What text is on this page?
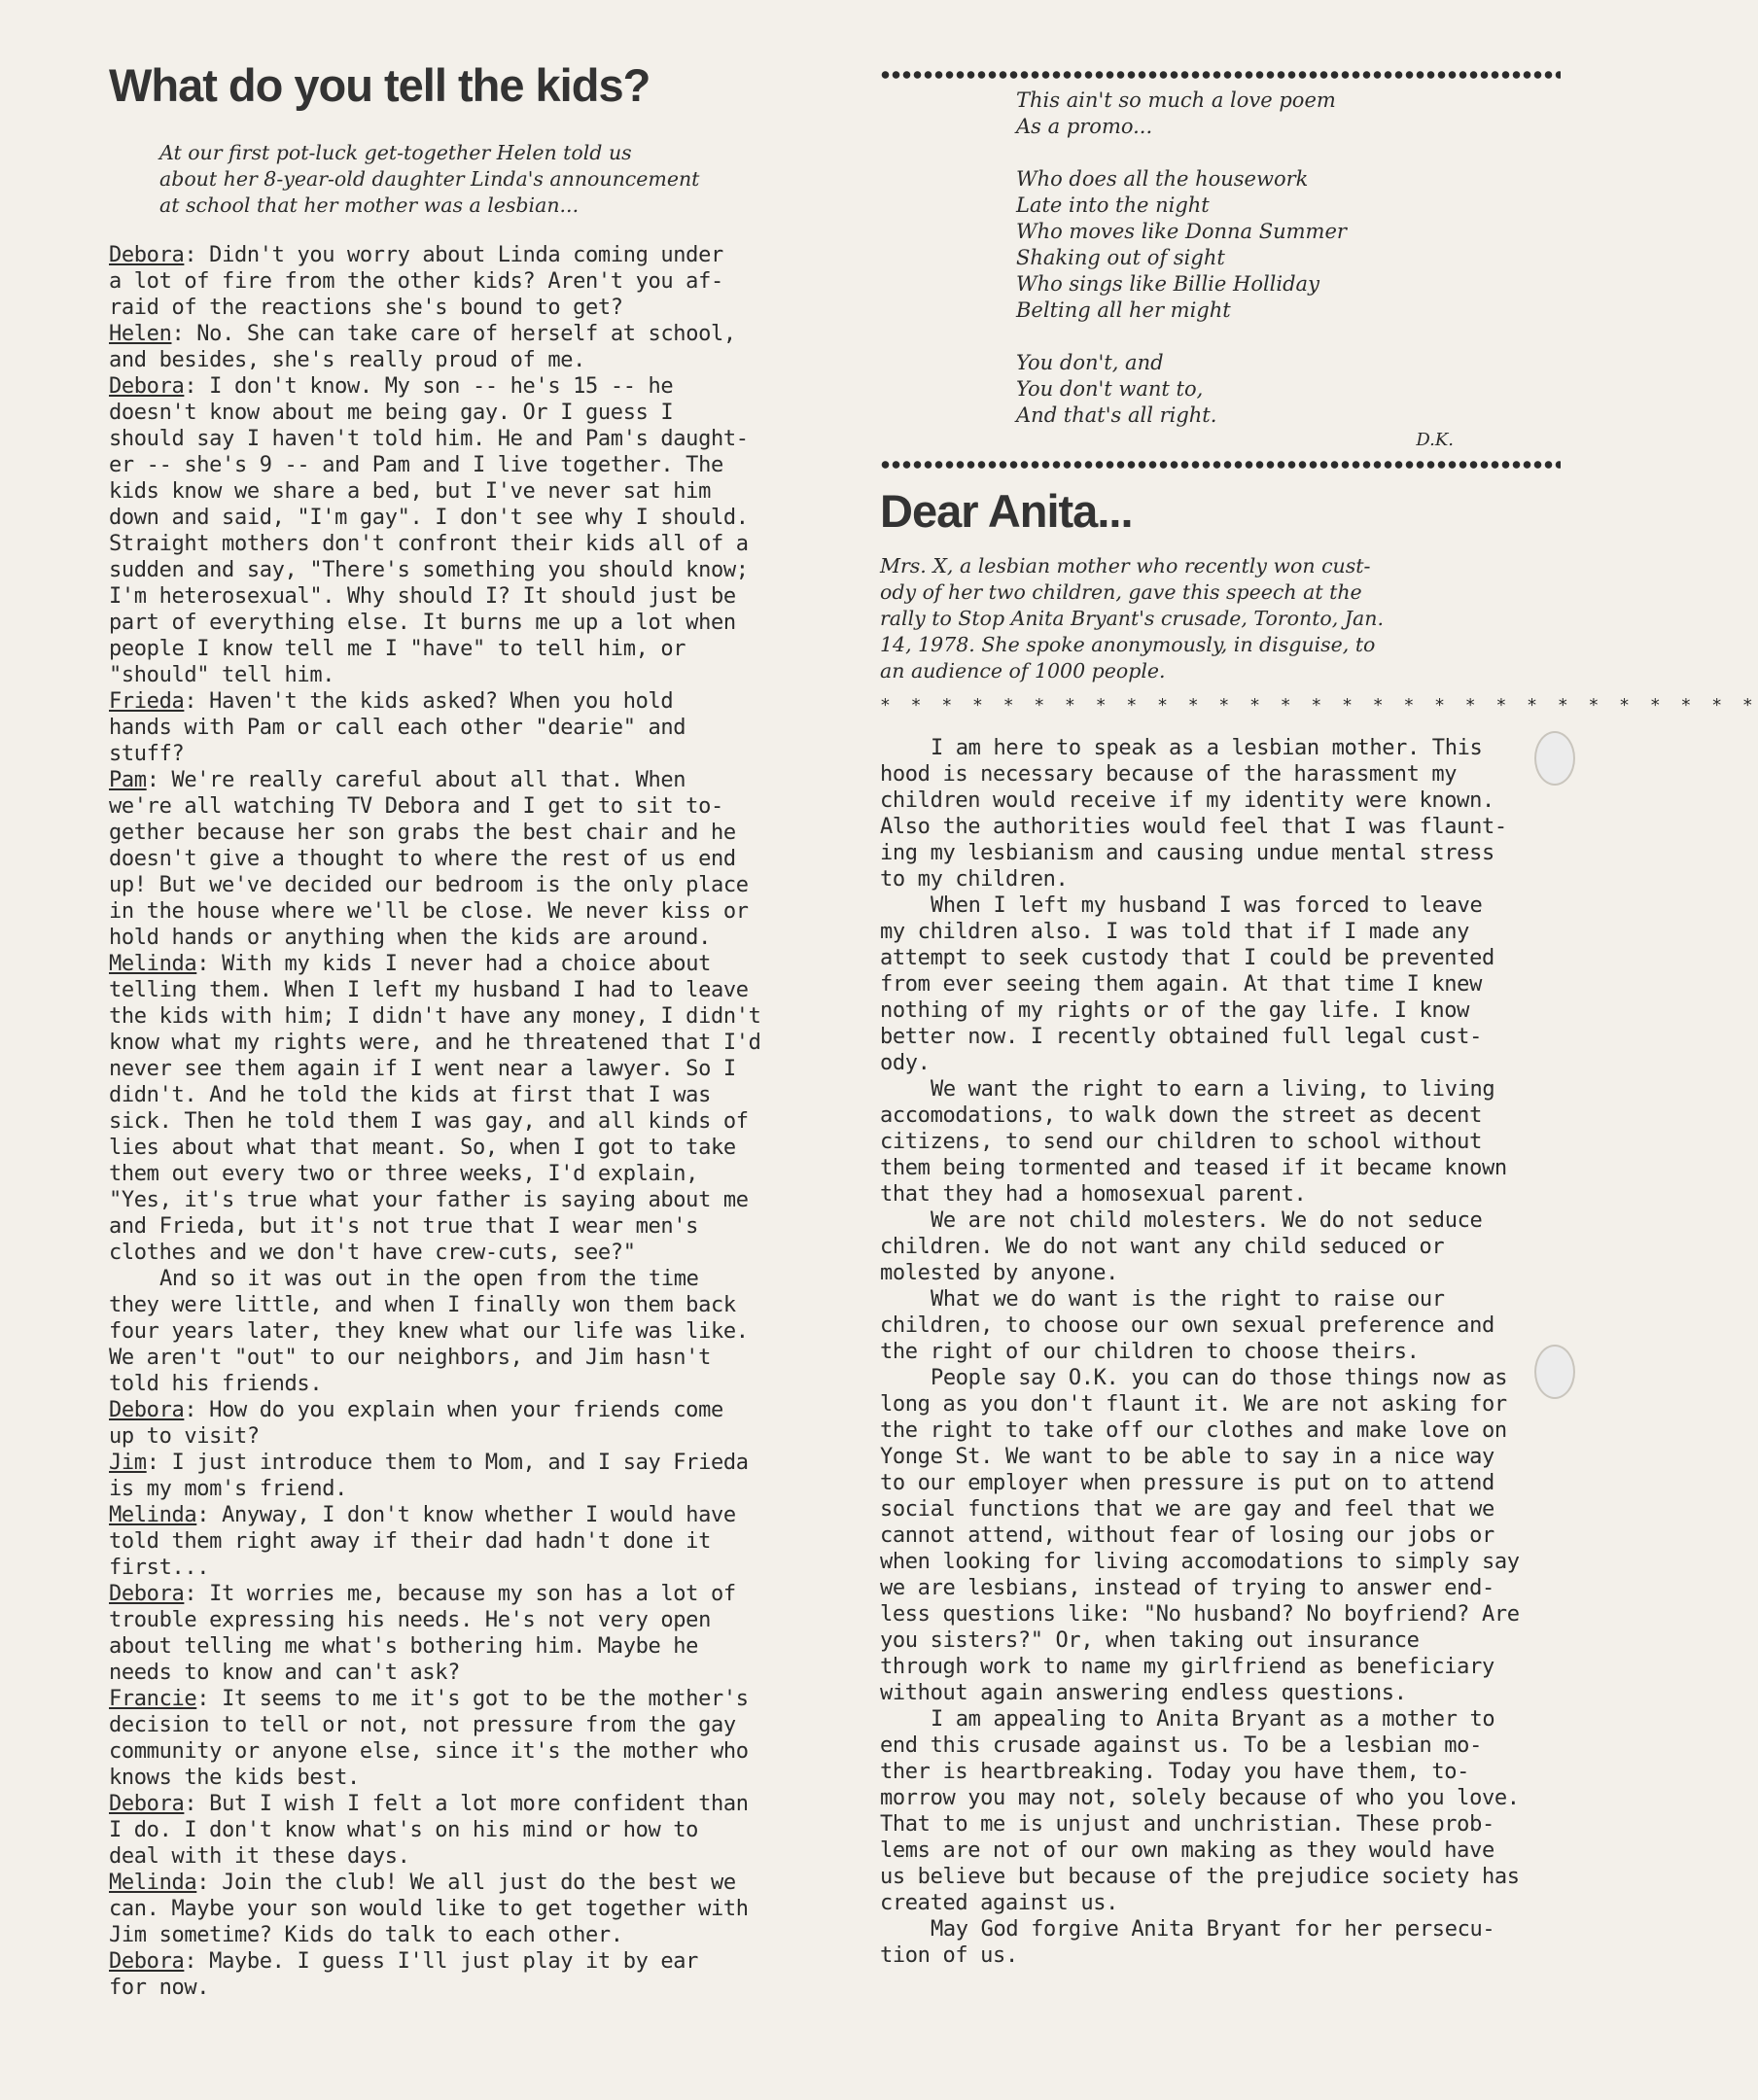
What do you tell the kids?
At our first pot-luck get-together Helen told us
about her 8-year-old daughter Linda's announcement
at school that her mother was a lesbian...
Debora: Didn't you worry about Linda coming under
a lot of fire from the other kids? Aren't you af-
raid of the reactions she's bound to get?
Helen: No. She can take care of herself at school,
and besides, she's really proud of me.
Debora: I don't know. My son -- he's 15 -- he
doesn't know about me being gay. Or I guess I
should say I haven't told him. He and Pam's daught-
er -- she's 9 -- and Pam and I live together. The
kids know we share a bed, but I've never sat him
down and said, "I'm gay". I don't see why I should.
Straight mothers don't confront their kids all of a
sudden and say, "There's something you should know;
I'm heterosexual". Why should I? It should just be
part of everything else. It burns me up a lot when
people I know tell me I "have" to tell him, or
"should" tell him.
Frieda: Haven't the kids asked? When you hold
hands with Pam or call each other "dearie" and
stuff?
Pam: We're really careful about all that. When
we're all watching TV Debora and I get to sit to-
gether because her son grabs the best chair and he
doesn't give a thought to where the rest of us end
up! But we've decided our bedroom is the only place
in the house where we'll be close. We never kiss or
hold hands or anything when the kids are around.
Melinda: With my kids I never had a choice about
telling them. When I left my husband I had to leave
the kids with him; I didn't have any money, I didn't
know what my rights were, and he threatened that I'd
never see them again if I went near a lawyer. So I
didn't. And he told the kids at first that I was
sick. Then he told them I was gay, and all kinds of
lies about what that meant. So, when I got to take
them out every two or three weeks, I'd explain,
"Yes, it's true what your father is saying about me
and Frieda, but it's not true that I wear men's
clothes and we don't have crew-cuts, see?"
And so it was out in the open from the time
they were little, and when I finally won them back
four years later, they knew what our life was like.
We aren't "out" to our neighbors, and Jim hasn't
told his friends.
Debora: How do you explain when your friends come
up to visit?
Jim: I just introduce them to Mom, and I say Frieda
is my mom's friend.
Melinda: Anyway, I don't know whether I would have
told them right away if their dad hadn't done it
first...
Debora: It worries me, because my son has a lot of
trouble expressing his needs. He's not very open
about telling me what's bothering him. Maybe he
needs to know and can't ask?
Francie: It seems to me it's got to be the mother's
decision to tell or not, not pressure from the gay
community or anyone else, since it's the mother who
knows the kids best.
Debora: But I wish I felt a lot more confident than
I do. I don't know what's on his mind or how to
deal with it these days.
Melinda: Join the club! We all just do the best we
can. Maybe your son would like to get together with
Jim sometime? Kids do talk to each other.
Debora: Maybe. I guess I'll just play it by ear
for now.
This ain't so much a love poem
As a promo...
Who does all the housework
Late into the night
Who moves like Donna Summer
Shaking out of sight
Who sings like Billie Holliday
Belting all her might
You don't, and
You don't want to,
And that's all right.
D.K.
Dear Anita...
Mrs. X, a lesbian mother who recently won cust-
ody of her two children, gave this speech at the
rally to Stop Anita Bryant's crusade, Toronto, Jan.
14, 1978. She spoke anonymously, in disguise, to
an audience of 1000 people.
* * * * * * * * * * * * * * * * * * * * * * * * * * * * *

I am here to speak as a lesbian mother. This
hood is necessary because of the harassment my
children would receive if my identity were known.
Also the authorities would feel that I was flaunt-
ing my lesbianism and causing undue mental stress
to my children.

When I left my husband I was forced to leave
my children also. I was told that if I made any
attempt to seek custody that I could be prevented
from ever seeing them again. At that time I knew
nothing of my rights or of the gay life. I know
better now. I recently obtained full legal cust-
ody.

We want the right to earn a living, to living
accomodations, to walk down the street as decent
citizens, to send our children to school without
them being tormented and teased if it became known
that they had a homosexual parent.

We are not child molesters. We do not seduce
children. We do not want any child seduced or
molested by anyone.

What we do want is the right to raise our
children, to choose our own sexual preference and
the right of our children to choose theirs.

People say O.K. you can do those things now as
long as you don't flaunt it. We are not asking for
the right to take off our clothes and make love on
Yonge St. We want to be able to say in a nice way
to our employer when pressure is put on to attend
social functions that we are gay and feel that we
cannot attend, without fear of losing our jobs or
when looking for living accomodations to simply say
we are lesbians, instead of trying to answer end-
less questions like: "No husband? No boyfriend? Are
you sisters?" Or, when taking out insurance
through work to name my girlfriend as beneficiary
without again answering endless questions.

I am appealing to Anita Bryant as a mother to
end this crusade against us. To be a lesbian mo-
ther is heartbreaking. Today you have them, to-
morrow you may not, solely because of who you love.
That to me is unjust and unchristian. These prob-
lems are not of our own making as they would have
us believe but because of the prejudice society has
created against us.

May God forgive Anita Bryant for her persecu-
tion of us.
